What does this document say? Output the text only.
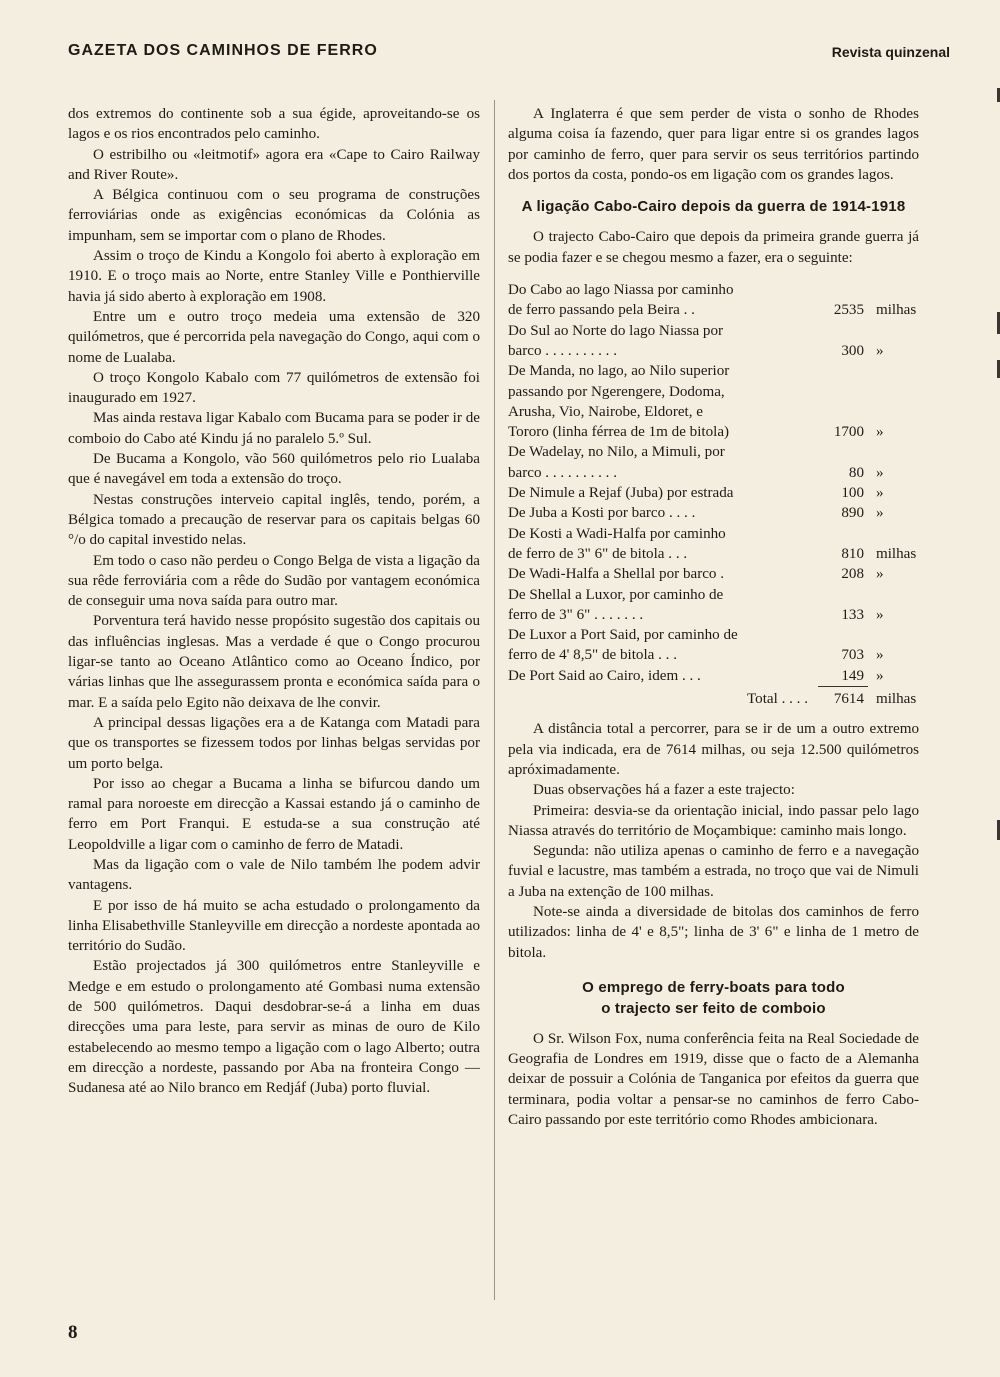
GAZETA DOS CAMINHOS DE FERRO	Revista quinzenal

dos extremos do continente sob a sua égide, aproveitando-se os lagos e os rios encontrados pelo caminho.

O estribilho ou «leitmotif» agora era «Cape to Cairo Railway and River Route».

A Bélgica continuou com o seu programa de construções ferroviárias onde as exigências económicas da Colónia as impunham, sem se importar com o plano de Rhodes.

Assim o troço de Kindu a Kongolo foi aberto à exploração em 1910. E o troço mais ao Norte, entre Stanley Ville e Ponthierville havia já sido aberto à exploração em 1908.

Entre um e outro troço medeia uma extensão de 320 quilómetros, que é percorrida pela navegação do Congo, aqui com o nome de Lualaba.

O troço Kongolo Kabalo com 77 quilómetros de extensão foi inaugurado em 1927.

Mas ainda restava ligar Kabalo com Bucama para se poder ir de comboio do Cabo até Kindu já no paralelo 5.º Sul.

De Bucama a Kongolo, vão 560 quilómetros pelo rio Lualaba que é navegável em toda a extensão do troço.

Nestas construções interveio capital inglês, tendo, porém, a Bélgica tomado a precaução de reservar para os capitais belgas 60 °/o do capital investido nelas.

Em todo o caso não perdeu o Congo Belga de vista a ligação da sua rêde ferroviária com a rêde do Sudão por vantagem económica de conseguir uma nova saída para outro mar.

Porventura terá havido nesse propósito sugestão dos capitais ou das influências inglesas. Mas a verdade é que o Congo procurou ligar-se tanto ao Oceano Atlântico como ao Oceano Índico, por várias linhas que lhe assegurassem pronta e económica saída para o mar. E a saída pelo Egito não deixava de lhe convir.

A principal dessas ligações era a de Katanga com Matadi para que os transportes se fizessem todos por linhas belgas servidas por um porto belga.

Por isso ao chegar a Bucama a linha se bifurcou dando um ramal para noroeste em direcção a Kassai estando já o caminho de ferro em Port Franqui. E estuda-se a sua construção até Leopoldville a ligar com o caminho de ferro de Matadi.

Mas da ligação com o vale de Nilo também lhe podem advir vantagens.

E por isso de há muito se acha estudado o prolongamento da linha Elisabethville Stanleyville em direcção a nordeste apontada ao território do Sudão.

Estão projectados já 300 quilómetros entre Stanleyville e Medge e em estudo o prolongamento até Gombasi numa extensão de 500 quilómetros. Daqui desdobrar-se-á a linha em duas direcções uma para leste, para servir as minas de ouro de Kilo estabelecendo ao mesmo tempo a ligação com o lago Alberto; outra em direcção a nordeste, passando por Aba na fronteira Congo — Sudanesa até ao Nilo branco em Redjáf (Juba) porto fluvial.

A Inglaterra é que sem perder de vista o sonho de Rhodes alguma coisa ía fazendo, quer para ligar entre si os grandes lagos por caminho de ferro, quer para servir os seus territórios partindo dos portos da costa, pondo-os em ligação com os grandes lagos.

A ligação Cabo-Cairo depois da guerra de 1914-1918

O trajecto Cabo-Cairo que depois da primeira grande guerra já se podia fazer e se chegou mesmo a fazer, era o seguinte:

Do Cabo ao lago Niassa por caminho		
de ferro passando pela Beira . .	2535	milhas
Do Sul ao Norte do lago Niassa por		
barco . . . . . . . . . .	300	»
De Manda, no lago, ao Nilo superior		
passando por Ngerengere, Dodoma,		
Arusha, Vio, Nairobe, Eldoret, e		
Tororo (linha férrea de 1m de bitola)	1700	»
De Wadelay, no Nilo, a Mimuli, por		
barco . . . . . . . . . .	80	»
De Nimule a Rejaf (Juba) por estrada	100	»
De Juba a Kosti por barco . . . .	890	»
De Kosti a Wadi-Halfa por caminho		
de ferro de 3" 6" de bitola . . .	810	milhas
De Wadi-Halfa a Shellal por barco .	208	»
De Shellal a Luxor, por caminho de		
ferro de 3" 6" . . . . . . .	133	»
De Luxor a Port Said, por caminho de		
ferro de 4' 8,5" de bitola . . .	703	»
De Port Said ao Cairo, idem . . .	149	»
Total . . . .	7614	milhas

A distância total a percorrer, para se ir de um a outro extremo pela via indicada, era de 7614 milhas, ou seja 12.500 quilómetros apróximadamente.

Duas observações há a fazer a este trajecto:

Primeira: desvia-se da orientação inicial, indo passar pelo lago Niassa através do território de Moçambique: caminho mais longo.

Segunda: não utiliza apenas o caminho de ferro e a navegação fuvial e lacustre, mas também a estrada, no troço que vai de Nimuli a Juba na extenção de 100 milhas.

Note-se ainda a diversidade de bitolas dos caminhos de ferro utilizados: linha de 4' e 8,5"; linha de 3' 6" e linha de 1 metro de bitola.

O emprego de ferry-boats para todo
o trajecto ser feito de comboio

O Sr. Wilson Fox, numa conferência feita na Real Sociedade de Geografia de Londres em 1919, disse que o facto de a Alemanha deixar de possuir a Colónia de Tanganica por efeitos da guerra que terminara, podia voltar a pensar-se no caminhos de ferro Cabo-Cairo passando por este território como Rhodes ambicionara.

8
